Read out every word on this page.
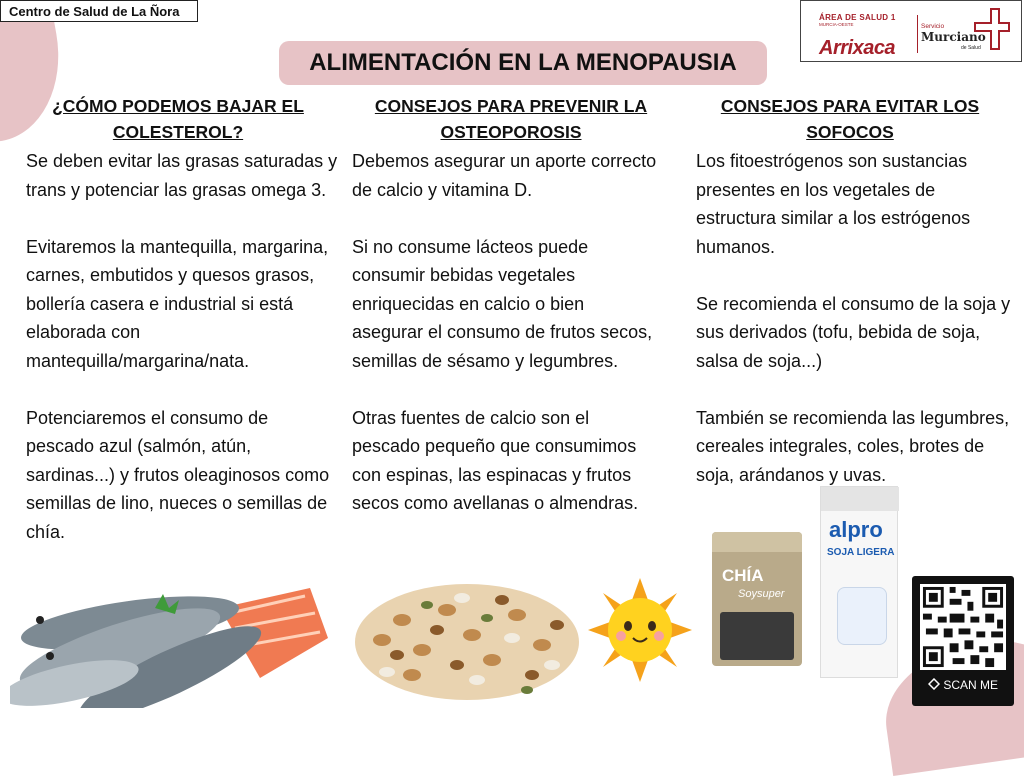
Centro de Salud de La Ñora	ÁREA DE SALUD 1
MURCIA-OESTE
Arrixaca
Servicio
Murciano
de Salud
ALIMENTACIÓN EN LA MENOPAUSIA
¿CÓMO PODEMOS BAJAR EL COLESTEROL?

Se deben evitar las grasas saturadas y trans y potenciar las grasas omega 3.

Evitaremos la mantequilla, margarina, carnes, embutidos y quesos grasos, bollería casera e industrial si está elaborada con mantequilla/margarina/nata.

Potenciaremos el consumo de pescado azul (salmón, atún, sardinas...) y frutos oleaginosos como semillas de lino, nueces o semillas de chía.

CONSEJOS PARA PREVENIR LA OSTEOPOROSIS

Debemos asegurar un aporte correcto de calcio y vitamina D.

Si no consume lácteos puede consumir bebidas vegetales enriquecidas en calcio o bien asegurar el consumo de frutos secos, semillas de sésamo y legumbres.

Otras fuentes de calcio son el pescado pequeño que consumimos con espinas, las espinacas y frutos secos como avellanas o almendras.

CONSEJOS PARA EVITAR LOS SOFOCOS

Los fitoestrógenos son sustancias presentes en los vegetales de estructura similar a los estrógenos humanos.

Se recomienda el consumo de la soja y sus derivados (tofu, bebida de soja, salsa de soja...)

También se recomienda las legumbres, cereales integrales, coles, brotes de soja, arándanos y uvas.

CHÍA
Soysuper
alpro
SOJA LIGERA
SCAN ME
